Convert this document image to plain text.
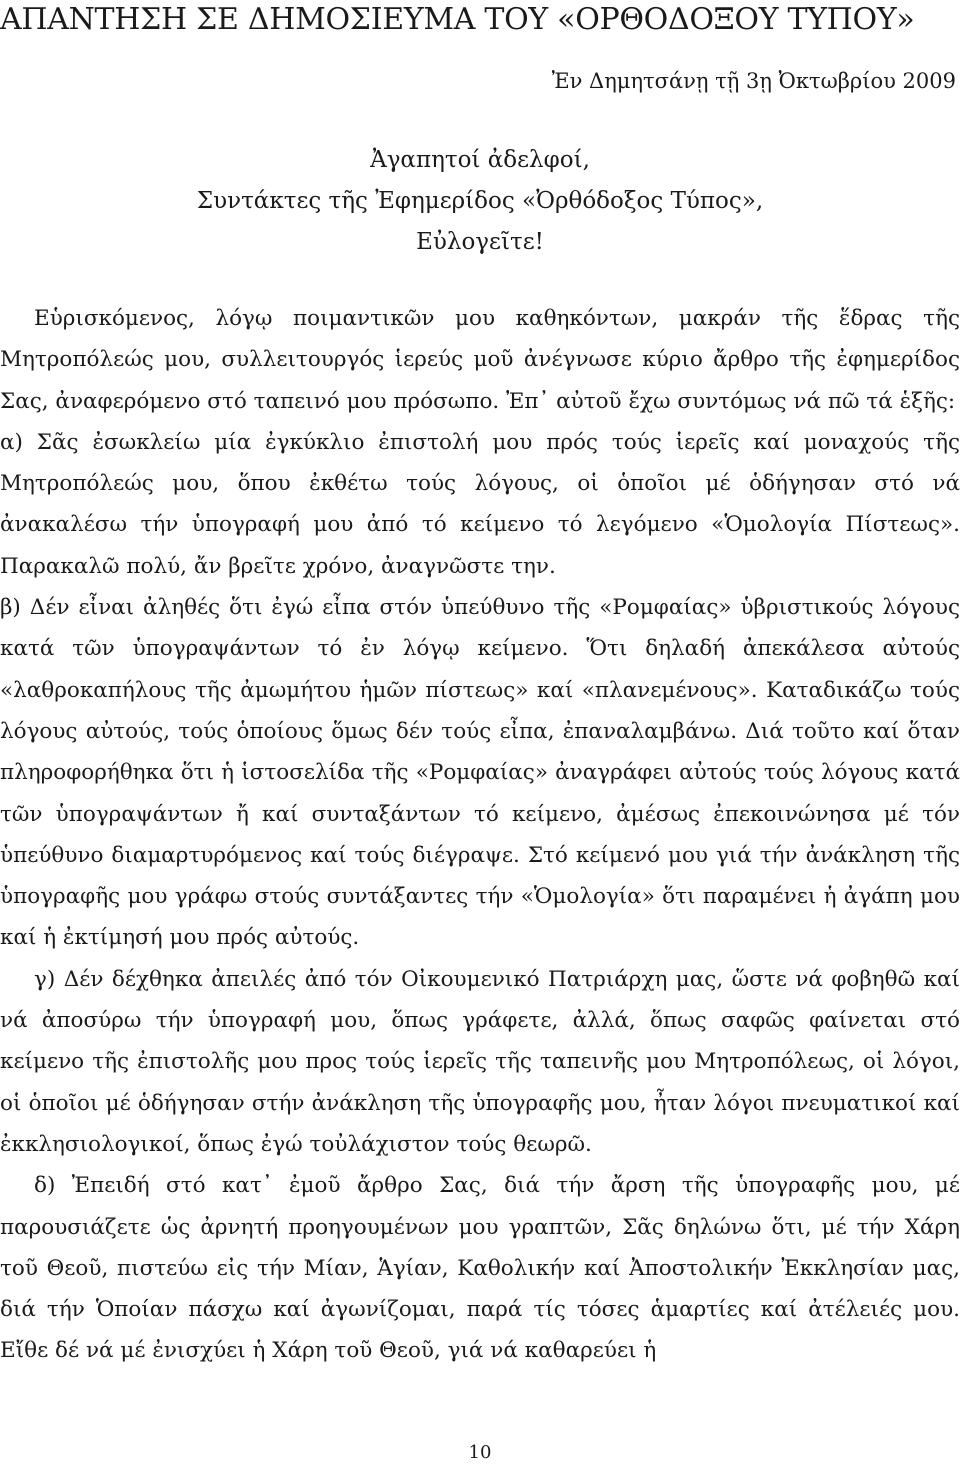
ΑΠΑΝΤΗΣΗ ΣΕ ΔΗΜΟΣΙΕΥΜΑ ΤΟΥ «ΟΡΘΟΔΟΞΟΥ ΤΥΠΟΥ»
Ἐν Δημητσάνῃ τῇ 3ῃ Ὀκτωβρίου 2009
Ἀγαπητοί ἀδελφοί,
Συντάκτες τῆς Ἐφημερίδος «Ὀρθόδοξος Τύπος»,
Εὐλογεῖτε!

Εὑρισκόμενος, λόγῳ ποιμαντικῶν μου καθηκόντων, μακράν τῆς ἕδρας τῆς Μητροπόλεώς μου, συλλειτουργός ἱερεύς μοῦ ἀνέγνωσε κύριο ἄρθρο τῆς ἐφημερίδος Σας, ἀναφερόμενο στό ταπεινό μου πρόσωπο. Ἐπ᾽ αὐτοῦ ἔχω συντόμως νά πῶ τά ἑξῆς:

α) Σᾶς ἐσωκλείω μία ἐγκύκλιο ἐπιστολή μου πρός τούς ἱερεῖς καί μοναχούς τῆς Μητροπόλεώς μου, ὅπου ἐκθέτω τούς λόγους, οἱ ὁποῖοι μέ ὁδήγησαν στό νά ἀνακαλέσω τήν ὑπογραφή μου ἀπό τό κείμενο τό λεγόμενο «Ὁμολογία Πίστεως». Παρακαλῶ πολύ, ἄν βρεῖτε χρόνο, ἀναγνῶστε την.

β) Δέν εἶναι ἀληθές ὅτι ἐγώ εἶπα στόν ὑπεύθυνο τῆς «Ρομφαίας» ὑβριστικούς λόγους κατά τῶν ὑπογραψάντων τό ἐν λόγῳ κείμενο. Ὅτι δηλαδή ἀπεκάλεσα αὐτούς «λαθροκαπήλους τῆς ἀμωμήτου ἡμῶν πίστεως» καί «πλανεμένους». Καταδικάζω τούς λόγους αὐτούς, τούς ὁποίους ὅμως δέν τούς εἶπα, ἐπαναλαμβάνω. Διά τοῦτο καί ὅταν πληροφορήθηκα ὅτι ἡ ἱστοσελίδα τῆς «Ρομφαίας» ἀναγράφει αὐτούς τούς λόγους κατά τῶν ὑπογραψάντων ἤ καί συνταξάντων τό κείμενο, ἀμέσως ἐπεκοινώνησα μέ τόν ὑπεύθυνο διαμαρτυρόμενος καί τούς διέγραψε. Στό κείμενό μου γιά τήν ἀνάκληση τῆς ὑπογραφῆς μου γράφω στούς συντάξαντες τήν «Ὁμολογία» ὅτι παραμένει ἡ ἀγάπη μου καί ἡ ἐκτίμησή μου πρός αὐτούς.

γ) Δέν δέχθηκα ἀπειλές ἀπό τόν Οἰκουμενικό Πατριάρχη μας, ὥστε νά φοβηθῶ καί νά ἀποσύρω τήν ὑπογραφή μου, ὅπως γράφετε, ἀλλά, ὅπως σαφῶς φαίνεται στό κείμενο τῆς ἐπιστολῆς μου προς τούς ἱερεῖς τῆς ταπεινῆς μου Μητροπόλεως, οἱ λόγοι, οἱ ὁποῖοι μέ ὁδήγησαν στήν ἀνάκληση τῆς ὑπογραφῆς μου, ἦταν λόγοι πνευματικοί καί ἐκκλησιολογικοί, ὅπως ἐγώ τοὐλάχιστον τούς θεωρῶ.

δ) Ἐπειδή στό κατ᾽ ἐμοῦ ἄρθρο Σας, διά τήν ἄρση τῆς ὑπογραφῆς μου, μέ παρουσιάζετε ὡς ἀρνητή προηγουμένων μου γραπτῶν, Σᾶς δηλώνω ὅτι, μέ τήν Χάρη τοῦ Θεοῦ, πιστεύω εἰς τήν Μίαν, Ἁγίαν, Καθολικήν καί Ἀποστολικήν Ἐκκλησίαν μας, διά τήν Ὁποίαν πάσχω καί ἀγωνίζομαι, παρά τίς τόσες ἁμαρτίες καί ἀτέλειές μου. Εἴθε δέ νά μέ ἐνισχύει ἡ Χάρη τοῦ Θεοῦ, γιά νά καθαρεύει ἡ

10
